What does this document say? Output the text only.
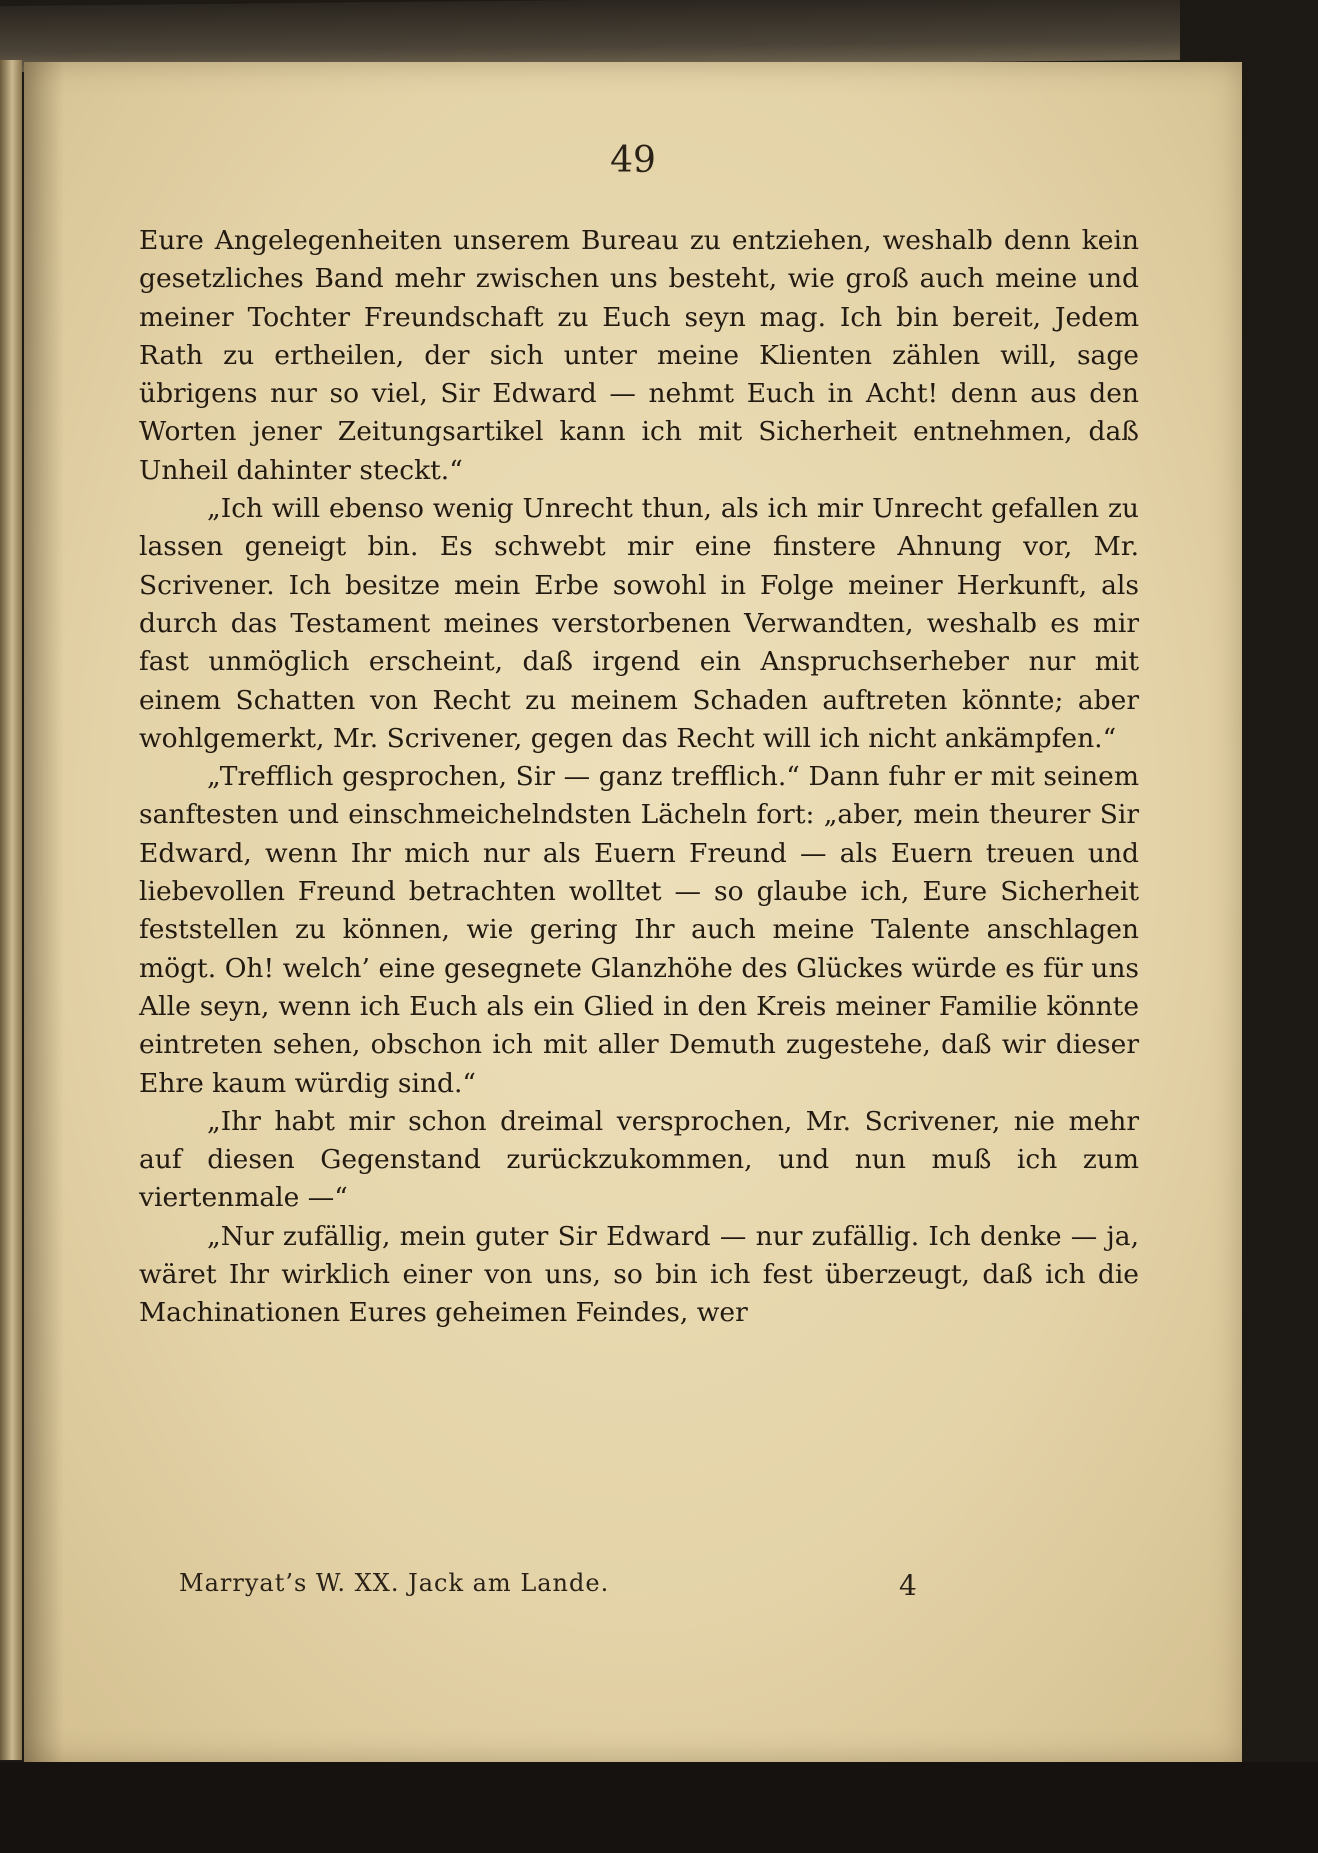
49

Eure Angelegenheiten unserem Bureau zu entziehen, weshalb denn kein gesetzliches Band mehr zwischen uns besteht, wie groß auch meine und meiner Tochter Freundschaft zu Euch seyn mag. Ich bin bereit, Jedem Rath zu ertheilen, der sich unter meine Klienten zählen will, sage übrigens nur so viel, Sir Edward — nehmt Euch in Acht! denn aus den Worten jener Zeitungsartikel kann ich mit Sicherheit entnehmen, daß Unheil dahinter steckt.“

„Ich will ebenso wenig Unrecht thun, als ich mir Unrecht gefallen zu lassen geneigt bin. Es schwebt mir eine finstere Ahnung vor, Mr. Scrivener. Ich besitze mein Erbe sowohl in Folge meiner Herkunft, als durch das Testament meines verstorbenen Verwandten, weshalb es mir fast unmöglich erscheint, daß irgend ein Anspruchserheber nur mit einem Schatten von Recht zu meinem Schaden auftreten könnte; aber wohlgemerkt, Mr. Scrivener, gegen das Recht will ich nicht ankämpfen.“

„Trefflich gesprochen, Sir — ganz trefflich.“ Dann fuhr er mit seinem sanftesten und einschmeichelndsten Lächeln fort: „aber, mein theurer Sir Edward, wenn Ihr mich nur als Euern Freund — als Euern treuen und liebevollen Freund betrachten wolltet — so glaube ich, Eure Sicherheit feststellen zu können, wie gering Ihr auch meine Talente anschlagen mögt. Oh! welch’ eine gesegnete Glanzhöhe des Glückes würde es für uns Alle seyn, wenn ich Euch als ein Glied in den Kreis meiner Familie könnte eintreten sehen, obschon ich mit aller Demuth zugestehe, daß wir dieser Ehre kaum würdig sind.“

„Ihr habt mir schon dreimal versprochen, Mr. Scrivener, nie mehr auf diesen Gegenstand zurückzukommen, und nun muß ich zum viertenmale —“

„Nur zufällig, mein guter Sir Edward — nur zufällig. Ich denke — ja, wäret Ihr wirklich einer von uns, so bin ich fest überzeugt, daß ich die Machinationen Eures geheimen Feindes, wer

Marryat’s W. XX. Jack am Lande.	4
